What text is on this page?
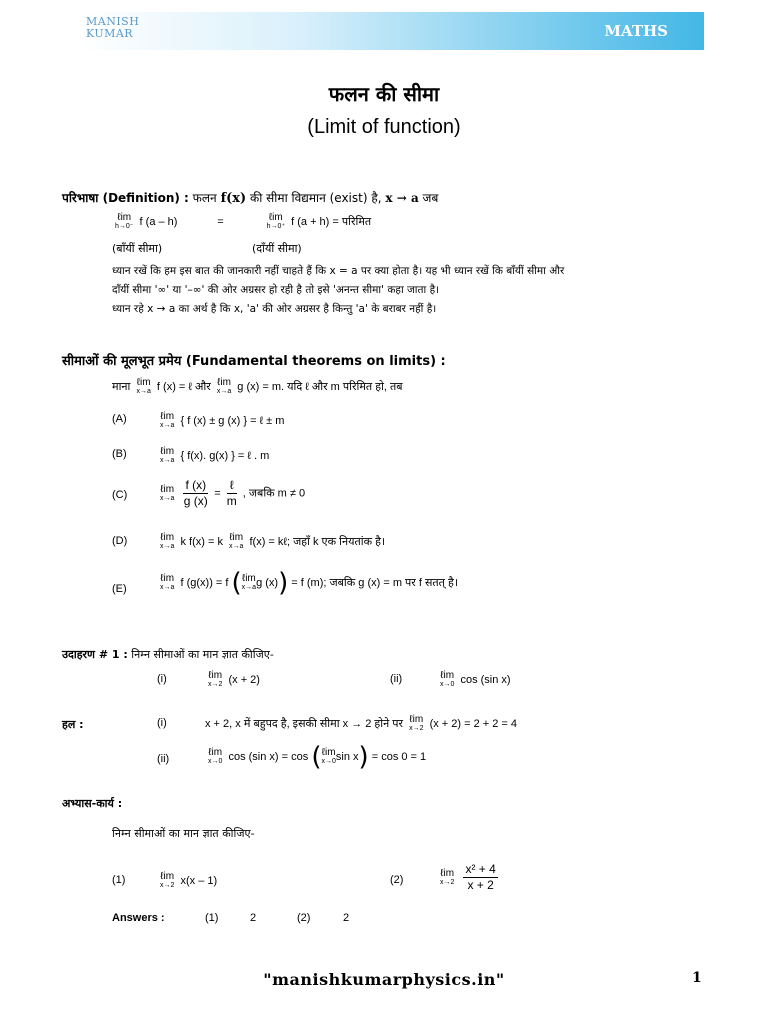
MANISH
KUMAR	MATHS
फलन की सीमा
(Limit of function)
परिभाषा (Definition) : फलन f(x) की सीमा विद्यमान (exist) है, x → a जब
ℓim
h→0⁻ f (a – h)	=	ℓim
h→0⁺ f (a + h) = परिमित
(बाँयीं सीमा)	(दाँयीं सीमा)
ध्यान रखें कि हम इस बात की जानकारी नहीं चाहते हैं कि x = a पर क्या होता है। यह भी ध्यान रखें कि बाँयीं सीमा और
दाँयीं सीमा '∞' या '–∞' की ओर अग्रसर हो रही है तो इसे 'अनन्त सीमा' कहा जाता है।
ध्यान रहे x → a का अर्थ है कि x, 'a' की ओर अग्रसर है किन्तु 'a' के बराबर नहीं है।
सीमाओं की मूलभूत प्रमेय (Fundamental theorems on limits) :
माना ℓim
x→a f (x) = ℓ और ℓim
x→a g (x) = m. यदि ℓ और m परिमित हो, तब
(A)	ℓim
x→a { f (x) ± g (x) } = ℓ ± m
(B)	ℓim
x→a { f(x). g(x) } = ℓ . m
(C)	ℓim
x→a
$\frac{f (x)}{g (x)} = \frac{\text{ℓ}}{m}$ , जबकि m ≠ 0
(D)	ℓim
x→a k f(x) = k ℓim
x→a f(x) = kℓ; जहाँ k एक नियतांक है।
(E)
ℓim
x→a f (g(x)) = f ( ℓim
x→a g (x)) = f (m); जबकि g (x) = m पर f सतत् है।
उदाहरण # 1 : निम्न सीमाओं का मान ज्ञात कीजिए-
(i)	ℓim
x→2 (x + 2)	(ii)	ℓim
x→0 cos (sin x)
हल :	(i)	x + 2, x में बहुपद है, इसकी सीमा x → 2 होने पर ℓim
x→2 (x + 2) = 2 + 2 = 4
(ii)
ℓim
x→0 cos (sin x) = cos ( ℓim
x→0 sin x) = cos 0 = 1
अभ्यास-कार्य :
निम्न सीमाओं का मान ज्ञात कीजिए-
(1)	ℓim
x→2 x(x – 1)	(2)
ℓim
x→2
$\frac{\text{x² + 4}}{x + 2}$
Answers :	(1)	2	(2)	2
"manishkumarphysics.in"	1
